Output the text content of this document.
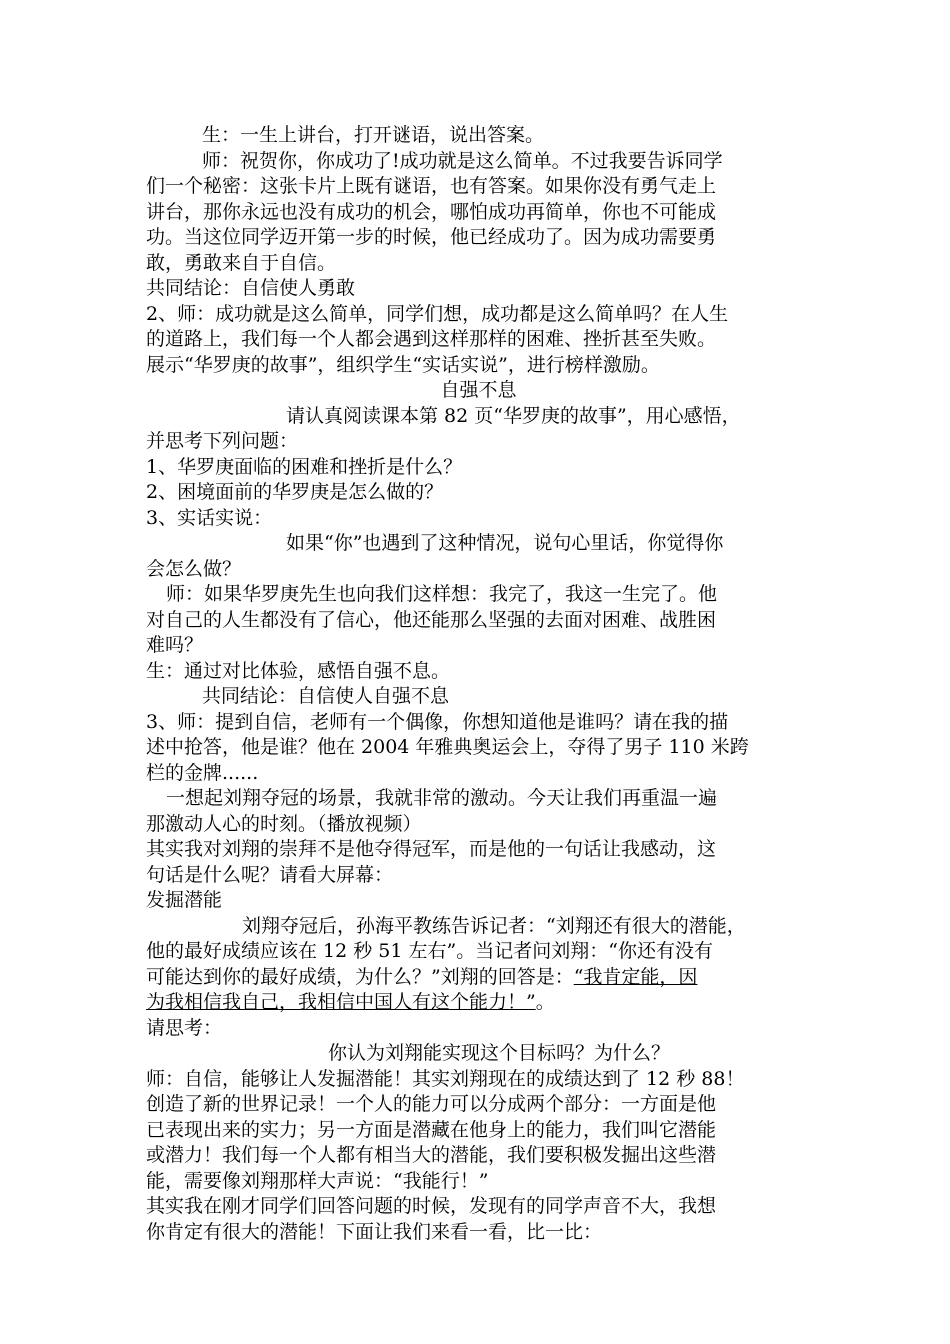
生：一生上讲台，打开谜语，说出答案。

师：祝贺你，你成功了!成功就是这么简单。不过我要告诉同学

们一个秘密：这张卡片上既有谜语，也有答案。如果你没有勇气走上

讲台，那你永远也没有成功的机会，哪怕成功再简单，你也不可能成

功。当这位同学迈开第一步的时候，他已经成功了。因为成功需要勇

敢，勇敢来自于自信。

共同结论：自信使人勇敢

2、师：成功就是这么简单，同学们想，成功都是这么简单吗？在人生

的道路上，我们每一个人都会遇到这样那样的困难、挫折甚至失败。

展示“华罗庚的故事”，组织学生“实话实说”，进行榜样激励。

自强不息

请认真阅读课本第 82 页“华罗庚的故事”，用心感悟，

并思考下列问题：

1、华罗庚面临的困难和挫折是什么？

2、困境面前的华罗庚是怎么做的？

3、实话实说：

如果“你”也遇到了这种情况，说句心里话，你觉得你

会怎么做？

师：如果华罗庚先生也向我们这样想：我完了，我这一生完了。他

对自己的人生都没有了信心，他还能那么坚强的去面对困难、战胜困

难吗？

生：通过对比体验，感悟自强不息。

共同结论：自信使人自强不息

3、师：提到自信，老师有一个偶像，你想知道他是谁吗？请在我的描

述中抢答，他是谁？他在 2004 年雅典奥运会上，夺得了男子 110 米跨

栏的金牌......

一想起刘翔夺冠的场景，我就非常的激动。今天让我们再重温一遍

那激动人心的时刻。（播放视频）

其实我对刘翔的崇拜不是他夺得冠军，而是他的一句话让我感动，这

句话是什么呢？请看大屏幕：

发掘潜能

刘翔夺冠后，孙海平教练告诉记者：“刘翔还有很大的潜能，

他的最好成绩应该在 12 秒 51 左右”。当记者问刘翔：“你还有没有

可能达到你的最好成绩，为什么？”刘翔的回答是：“我肯定能，因

为我相信我自己，我相信中国人有这个能力！”。

请思考：

你认为刘翔能实现这个目标吗？为什么？

师：自信，能够让人发掘潜能！其实刘翔现在的成绩达到了 12 秒 88！

创造了新的世界记录！一个人的能力可以分成两个部分：一方面是他

已表现出来的实力；另一方面是潜藏在他身上的能力，我们叫它潜能

或潜力！我们每一个人都有相当大的潜能，我们要积极发掘出这些潜

能，需要像刘翔那样大声说：“我能行！”

其实我在刚才同学们回答问题的时候，发现有的同学声音不大，我想

你肯定有很大的潜能！下面让我们来看一看，比一比：
